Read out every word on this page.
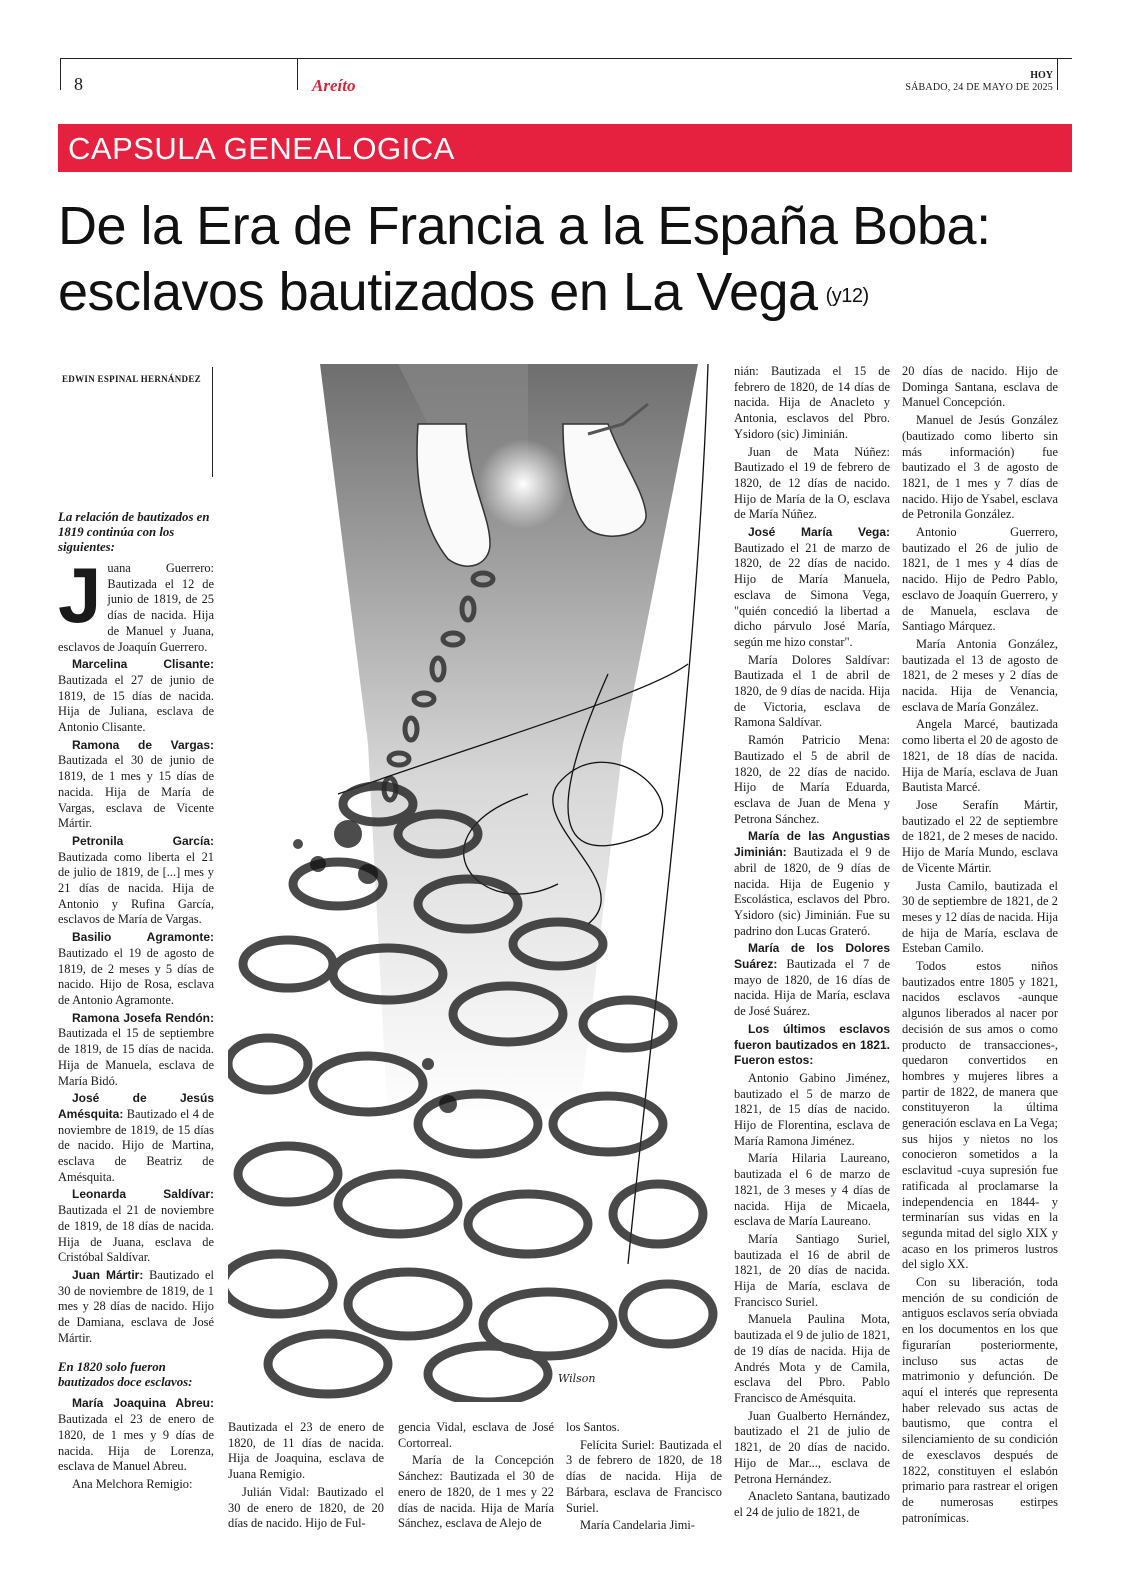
8	Areíto
HOY
SÁBADO, 24 DE MAYO DE 2025
CAPSULA GENEALOGICA
De la Era de Francia a la España Boba:
esclavos bautizados en La Vega (y12)
EDWIN ESPINAL HERNÁNDEZ

La relación de bautizados en 1819 continúa con los siguientes:

Juana Guerrero: Bautizada el 12 de junio de 1819, de 25 días de nacida. Hija de Manuel y Juana, esclavos de Joaquín Guerrero.

Marcelina Clisante: Bautizada el 27 de junio de 1819, de 15 días de nacida. Hija de Juliana, esclava de Antonio Clisante.

Ramona de Vargas: Bautizada el 30 de junio de 1819, de 1 mes y 15 días de nacida. Hija de María de Vargas, esclava de Vicente Mártir.

Petronila García: Bautizada como liberta el 21 de julio de 1819, de [...] mes y 21 días de nacida. Hija de Antonio y Rufina García, esclavos de María de Vargas.

Basilio Agramonte: Bautizado el 19 de agosto de 1819, de 2 meses y 5 días de nacido. Hijo de Rosa, esclava de Antonio Agramonte.

Ramona Josefa Rendón: Bautizada el 15 de septiembre de 1819, de 15 días de nacida. Hija de Manuela, esclava de María Bidó.

José de Jesús Amésquita: Bautizado el 4 de noviembre de 1819, de 15 días de nacido. Hijo de Martina, esclava de Beatriz de Amésquita.

Leonarda Saldívar: Bautizada el 21 de noviembre de 1819, de 18 días de nacida. Hija de Juana, esclava de Cristóbal Saldívar.

Juan Mártir: Bautizado el 30 de noviembre de 1819, de 1 mes y 28 días de nacido. Hijo de Damiana, esclava de José Mártir.

En 1820 solo fueron bautizados doce esclavos:

María Joaquina Abreu: Bautizada el 23 de enero de 1820, de 1 mes y 9 días de nacida. Hija de Lorenza, esclava de Manuel Abreu.

Ana Melchora Remigio:

Wilson

Bautizada el 23 de enero de 1820, de 11 días de nacida. Hija de Joaquina, esclava de Juana Remigio.

Julián Vidal: Bautizado el 30 de enero de 1820, de 20 días de nacido. Hijo de Ful-

gencia Vidal, esclava de José Cortorreal.

María de la Concepción Sánchez: Bautizada el 30 de enero de 1820, de 1 mes y 22 días de nacida. Hija de María Sánchez, esclava de Alejo de

los Santos.

Felícita Suriel: Bautizada el 3 de febrero de 1820, de 18 días de nacida. Hija de Bárbara, esclava de Francisco Suriel.

María Candelaria Jimi-

nián: Bautizada el 15 de febrero de 1820, de 14 días de nacida. Hija de Anacleto y Antonia, esclavos del Pbro. Ysidoro (sic) Jiminián.

Juan de Mata Núñez: Bautizado el 19 de febrero de 1820, de 12 días de nacido. Hijo de María de la O, esclava de María Núñez.

José María Vega: Bautizado el 21 de marzo de 1820, de 22 días de nacido. Hijo de María Manuela, esclava de Simona Vega, "quién concedió la libertad a dicho párvulo José María, según me hizo constar".

María Dolores Saldívar: Bautizada el 1 de abril de 1820, de 9 días de nacida. Hija de Victoria, esclava de Ramona Saldívar.

Ramón Patricio Mena: Bautizado el 5 de abril de 1820, de 22 días de nacido. Hijo de María Eduarda, esclava de Juan de Mena y Petrona Sánchez.

María de las Angustias Jiminián: Bautizada el 9 de abril de 1820, de 9 días de nacida. Hija de Eugenio y Escolástica, esclavos del Pbro. Ysidoro (sic) Jiminián. Fue su padrino don Lucas Grateró.

María de los Dolores Suárez: Bautizada el 7 de mayo de 1820, de 16 días de nacida. Hija de María, esclava de José Suárez.

Los últimos esclavos fueron bautizados en 1821. Fueron estos:

Antonio Gabino Jiménez, bautizado el 5 de marzo de 1821, de 15 días de nacido. Hijo de Florentina, esclava de María Ramona Jiménez.

María Hilaria Laureano, bautizada el 6 de marzo de 1821, de 3 meses y 4 días de nacida. Hija de Micaela, esclava de María Laureano.

María Santiago Suriel, bautizada el 16 de abril de 1821, de 20 días de nacida. Hija de María, esclava de Francisco Suriel.

Manuela Paulina Mota, bautizada el 9 de julio de 1821, de 19 días de nacida. Hija de Andrés Mota y de Camila, esclava del Pbro. Pablo Francisco de Amésquita.

Juan Gualberto Hernández, bautizado el 21 de julio de 1821, de 20 días de nacido. Hijo de Mar..., esclava de Petrona Hernández.

Anacleto Santana, bautizado el 24 de julio de 1821, de

20 días de nacido. Hijo de Dominga Santana, esclava de Manuel Concepción.

Manuel de Jesús González (bautizado como liberto sin más información) fue bautizado el 3 de agosto de 1821, de 1 mes y 7 días de nacido. Hijo de Ysabel, esclava de Petronila González.

Antonio Guerrero, bautizado el 26 de julio de 1821, de 1 mes y 4 días de nacido. Hijo de Pedro Pablo, esclavo de Joaquín Guerrero, y de Manuela, esclava de Santiago Márquez.

María Antonia González, bautizada el 13 de agosto de 1821, de 2 meses y 2 días de nacida. Hija de Venancia, esclava de María González.

Angela Marcé, bautizada como liberta el 20 de agosto de 1821, de 18 días de nacida. Hija de María, esclava de Juan Bautista Marcé.

Jose Serafín Mártir, bautizado el 22 de septiembre de 1821, de 2 meses de nacido. Hijo de María Mundo, esclava de Vicente Mártir.

Justa Camilo, bautizada el 30 de septiembre de 1821, de 2 meses y 12 días de nacida. Hija de hija de María, esclava de Esteban Camilo.

Todos estos niños bautizados entre 1805 y 1821, nacidos esclavos -aunque algunos liberados al nacer por decisión de sus amos o como producto de transacciones-, quedaron convertidos en hombres y mujeres libres a partir de 1822, de manera que constituyeron la última generación esclava en La Vega; sus hijos y nietos no los conocieron sometidos a la esclavitud -cuya supresión fue ratificada al proclamarse la independencia en 1844- y terminarían sus vidas en la segunda mitad del siglo XIX y acaso en los primeros lustros del siglo XX.

Con su liberación, toda mención de su condición de antiguos esclavos sería obviada en los documentos en los que figurarían posteriormente, incluso sus actas de matrimonio y defunción. De aquí el interés que representa haber relevado sus actas de bautismo, que contra el silenciamiento de su condición de exesclavos después de 1822, constituyen el eslabón primario para rastrear el origen de numerosas estirpes patronímicas.
